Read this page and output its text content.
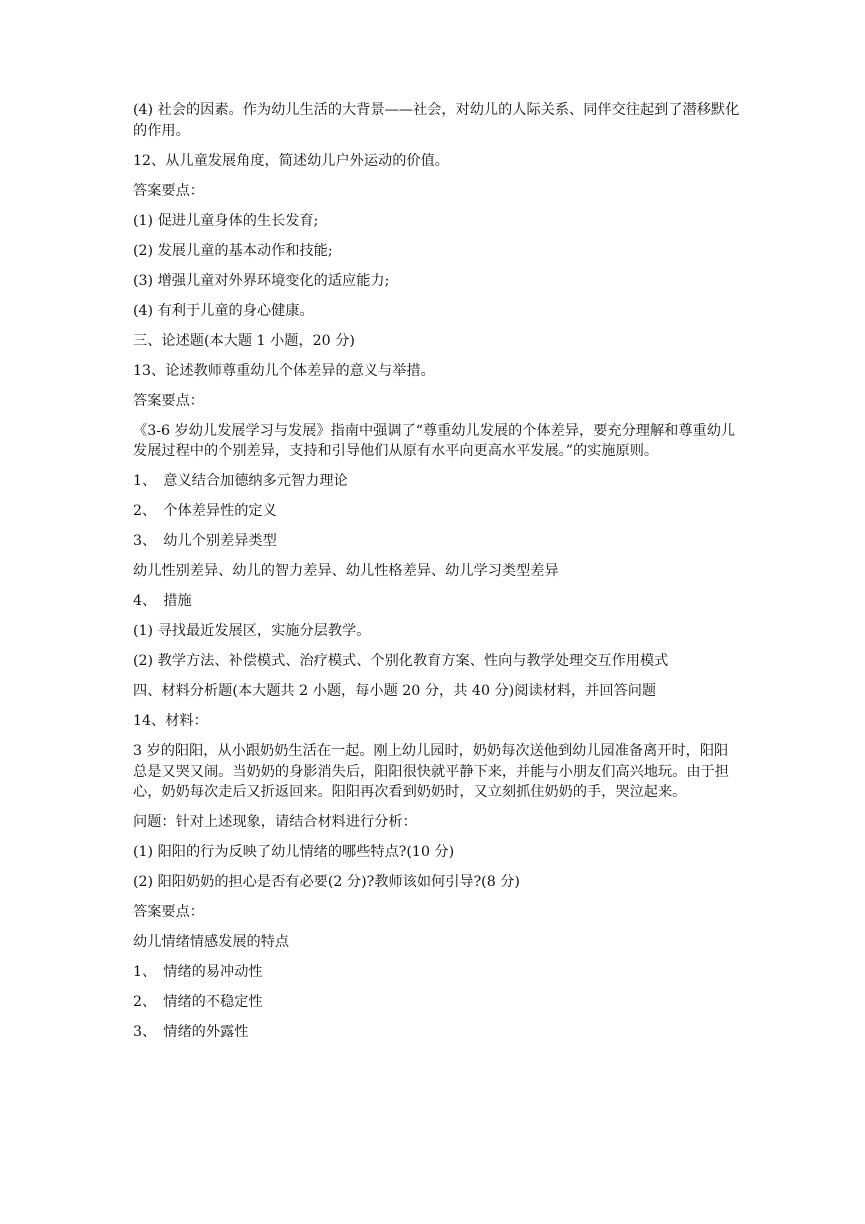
(4) 社会的因素。作为幼儿生活的大背景——社会，对幼儿的人际关系、同伴交往起到了潜移默化的作用。

12、从儿童发展角度，简述幼儿户外运动的价值。

答案要点：

(1) 促进儿童身体的生长发育;

(2) 发展儿童的基本动作和技能;

(3) 增强儿童对外界环境变化的适应能力;

(4) 有利于儿童的身心健康。

三、论述题(本大题 1 小题，20 分)

13、论述教师尊重幼儿个体差异的意义与举措。

答案要点：

《3-6 岁幼儿发展学习与发展》指南中强调了“尊重幼儿发展的个体差异，要充分理解和尊重幼儿发展过程中的个别差异，支持和引导他们从原有水平向更高水平发展。”的实施原则。

1、　意义结合加德纳多元智力理论

2、　个体差异性的定义

3、　幼儿个别差异类型

幼儿性别差异、幼儿的智力差异、幼儿性格差异、幼儿学习类型差异

4、　措施

(1) 寻找最近发展区，实施分层教学。

(2) 教学方法、补偿模式、治疗模式、个别化教育方案、性向与教学处理交互作用模式

四、材料分析题(本大题共 2 小题，每小题 20 分，共 40 分)阅读材料，并回答问题

14、材料：

3 岁的阳阳，从小跟奶奶生活在一起。刚上幼儿园时，奶奶每次送他到幼儿园准备离开时，阳阳总是又哭又闹。当奶奶的身影消失后，阳阳很快就平静下来，并能与小朋友们高兴地玩。由于担心，奶奶每次走后又折返回来。阳阳再次看到奶奶时，又立刻抓住奶奶的手，哭泣起来。

问题：针对上述现象，请结合材料进行分析：

(1) 阳阳的行为反映了幼儿情绪的哪些特点?(10 分)

(2) 阳阳奶奶的担心是否有必要(2 分)?教师该如何引导?(8 分)

答案要点：

幼儿情绪情感发展的特点

1、　情绪的易冲动性

2、　情绪的不稳定性

3、　情绪的外露性
